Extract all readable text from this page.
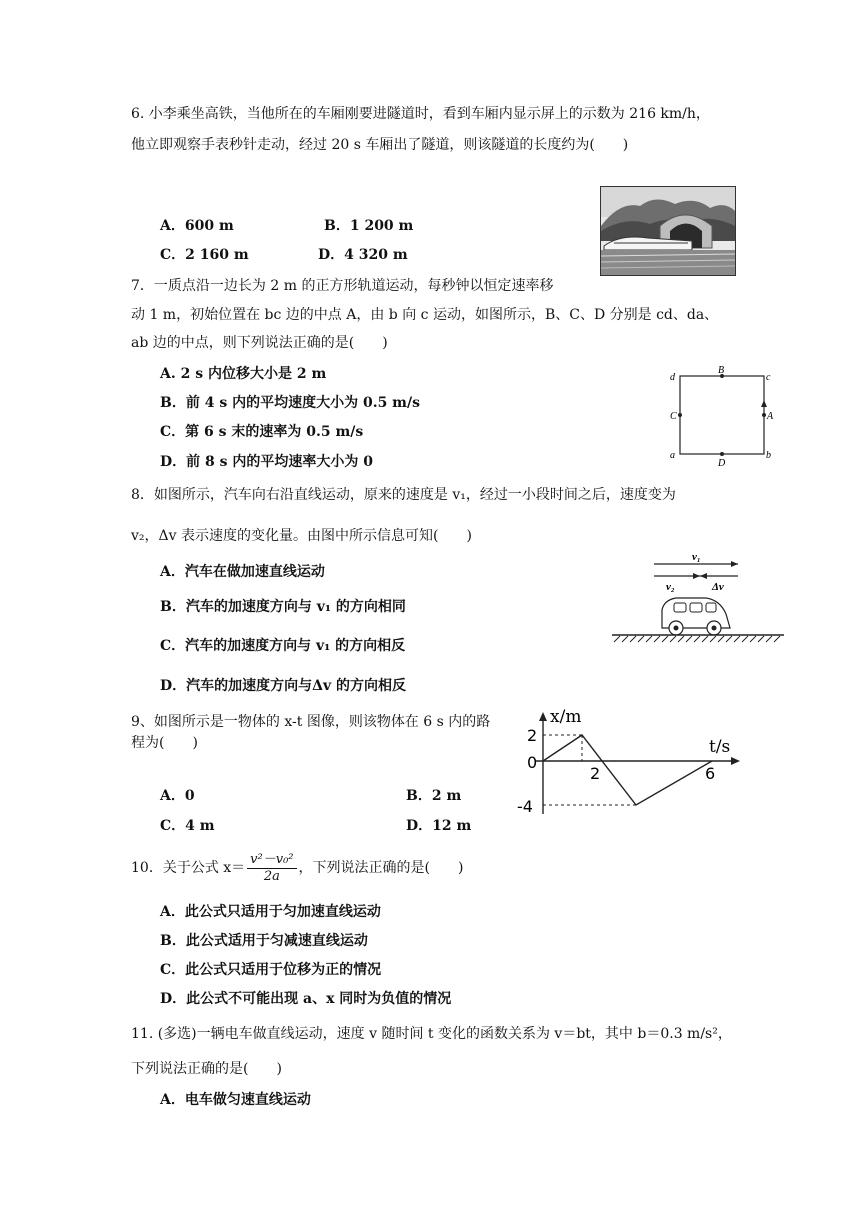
6. 小李乘坐高铁，当他所在的车厢刚要进隧道时，看到车厢内显示屏上的示数为 216 km/h，
他立即观察手表秒针走动，经过 20 s 车厢出了隧道，则该隧道的长度约为(　　)
A．600 m	B．1 200 m
C．2 160 m	D．4 320 m
7．一质点沿一边长为 2 m 的正方形轨道运动，每秒钟以恒定速率移
动 1 m，初始位置在 bc 边的中点 A，由 b 向 c 运动，如图所示，B、C、D 分别是 cd、da、
ab 边的中点，则下列说法正确的是(　　)
A. 2 s 内位移大小是 2 m
B．前 4 s 内的平均速度大小为 0.5 m/s
C．第 6 s 末的速率为 0.5 m/s
D．前 8 s 内的平均速率大小为 0
d	c
a	b
B
C	A
D
8．如图所示，汽车向右沿直线运动，原来的速度是 v₁，经过一小段时间之后，速度变为
v₂，Δv 表示速度的变化量。由图中所示信息可知(　　)
A．汽车在做加速直线运动
B．汽车的加速度方向与 v₁ 的方向相同
C．汽车的加速度方向与 v₁ 的方向相反
D．汽车的加速度方向与Δv 的方向相反
v₁
v₂	Δv
9、如图所示是一物体的 x-t 图像，则该物体在 6 s 内的路
程为(　　)
A．0	B．2 m
C．4 m	D．12 m
x/m
t/s
2
0
-4
2	6
10．关于公式 $x= \frac{\text{v²－v₀²}}{2a}$ ，下列说法正确的是(　　)
A．此公式只适用于匀加速直线运动
B．此公式适用于匀减速直线运动
C．此公式只适用于位移为正的情况
D．此公式不可能出现 a、x 同时为负值的情况
11. (多选)一辆电车做直线运动，速度 v 随时间 t 变化的函数关系为 v＝bt，其中 b＝0.3 m/s²，
下列说法正确的是(　　)
A．电车做匀速直线运动
